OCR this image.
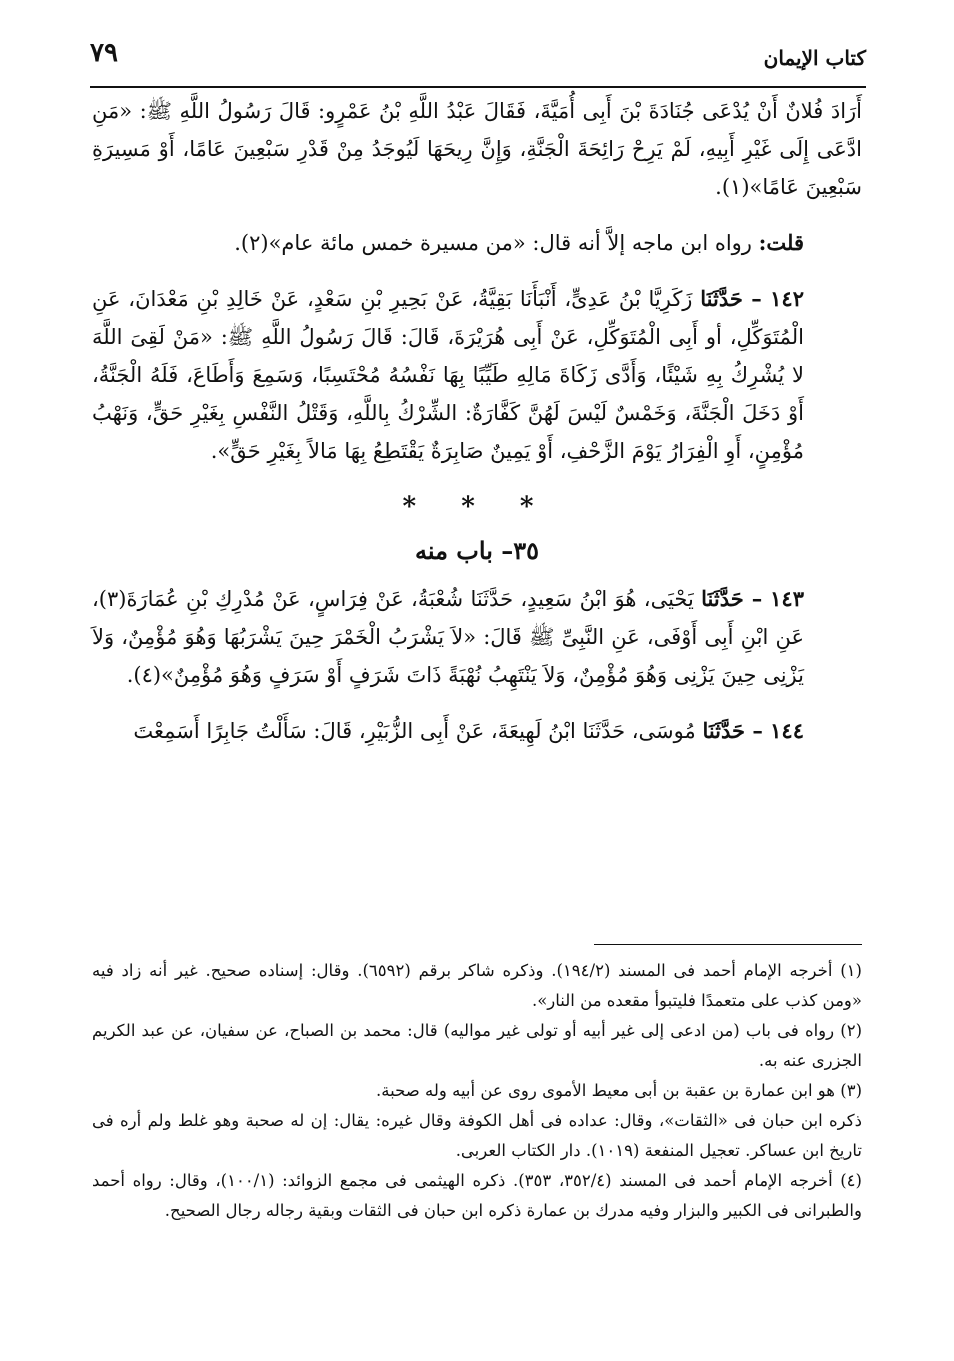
كتاب الإيمان
٧٩

أَرَادَ فُلانٌ أَنْ يُدْعَى جُنَادَةَ بْنَ أَبِى أُمَيَّةَ، فَقَالَ عَبْدُ اللَّهِ بْنُ عَمْرٍو: قَالَ رَسُولُ اللَّهِ ﷺ: «مَنِ ادَّعَى إِلَى غَيْرِ أَبِيهِ، لَمْ يَرِحْ رَائِحَةَ الْجَنَّةِ، وَإِنَّ رِيحَهَا لَيُوجَدُ مِنْ قَدْرِ سَبْعِينَ عَامًا، أَوْ مَسِيرَةِ سَبْعِينَ عَامًا»(١).

قلت: رواه ابن ماجه إلاَّ أنه قال: «من مسيرة خمس مائة عام»(٢).

١٤٢ – حَدَّثَنَا زَكَرِيَّا بْنُ عَدِىٍّ، أَنْبَأَنَا بَقِيَّةُ، عَنْ بَحِيرِ بْنِ سَعْدٍ، عَنْ خَالِدِ بْنِ مَعْدَانَ، عَنِ الْمُتَوَكِّلِ، أو أَبِى الْمُتَوَكِّلِ، عَنْ أَبِى هُرَيْرَةَ، قَالَ: قَالَ رَسُولُ اللَّهِ ﷺ: «مَنْ لَقِىَ اللَّهَ لا يُشْرِكُ بِهِ شَيْئًا، وَأَدَّى زَكَاةَ مَالِهِ طَيِّبًا بِهَا نَفْسُهُ مُحْتَسِبًا، وَسَمِعَ وَأَطَاعَ، فَلَهُ الْجَنَّةُ، أَوْ دَخَلَ الْجَنَّةَ، وَخَمْسٌ لَيْسَ لَهُنَّ كَفَّارَةٌ: الشِّرْكُ بِاللَّهِ، وَقَتْلُ النَّفْسِ بِغَيْرِ حَقٍّ، وَنَهْبُ مُؤْمِنٍ، أَوِ الْفِرَارُ يَوْمَ الزَّحْفِ، أَوْ يَمِينٌ صَابِرَةٌ يَقْتَطِعُ بِهَا مَالاً بِغَيْرِ حَقٍّ».

* * *

٣٥– باب منه

١٤٣ – حَدَّثَنَا يَحْيَى، هُوَ ابْنُ سَعِيدٍ، حَدَّثَنَا شُعْبَةُ، عَنْ فِرَاسٍ، عَنْ مُدْرِكِ بْنِ عُمَارَةَ(٣)، عَنِ ابْنِ أَبِى أَوْفَى، عَنِ النَّبِىِّ ﷺ قَالَ: «لاَ يَشْرَبُ الْخَمْرَ حِينَ يَشْرَبُهَا وَهُوَ مُؤْمِنٌ، وَلاَ يَزْنِى حِينَ يَزْنِى وَهُوَ مُؤْمِنٌ، وَلاَ يَنْتَهِبُ نُهْبَةً ذَاتَ شَرَفٍ أَوْ سَرَفٍ وَهُوَ مُؤْمِنٌ»(٤).

١٤٤ – حَدَّثَنَا مُوسَى، حَدَّثَنَا ابْنُ لَهِيعَةَ، عَنْ أَبِى الزُّبَيْرِ، قَالَ: سَأَلْتُ جَابِرًا أَسَمِعْتَ

(١) أخرجه الإمام أحمد فى المسند (١٩٤/٢). وذكره شاكر برقم (٦٥٩٢). وقال: إسناده صحيح. غير أنه زاد فيه «ومن كذب على متعمدًا فليتبوأ مقعده من النار».

(٢) رواه فى باب (من ادعى إلى غير أبيه أو تولى غير مواليه) قال: محمد بن الصباح، عن سفيان، عن عبد الكريم الجزرى عنه به.

(٣) هو ابن عمارة بن عقبة بن أبى معيط الأموى روى عن أبيه وله صحبة.

ذكره ابن حبان فى «الثقات»، وقال: عداده فى أهل الكوفة وقال غيره: يقال: إن له صحبة وهو غلط ولم أره فى تاريخ ابن عساكر. تعجيل المنفعة (١٠١٩). دار الكتاب العربى.

(٤) أخرجه الإمام أحمد فى المسند (٣٥٢/٤، ٣٥٣). ذكره الهيثمى فى مجمع الزوائد: (١٠٠/١)، وقال: رواه أحمد والطبرانى فى الكبير والبزار وفيه مدرك بن عمارة ذكره ابن حبان فى الثقات وبقية رجاله رجال الصحيح.
